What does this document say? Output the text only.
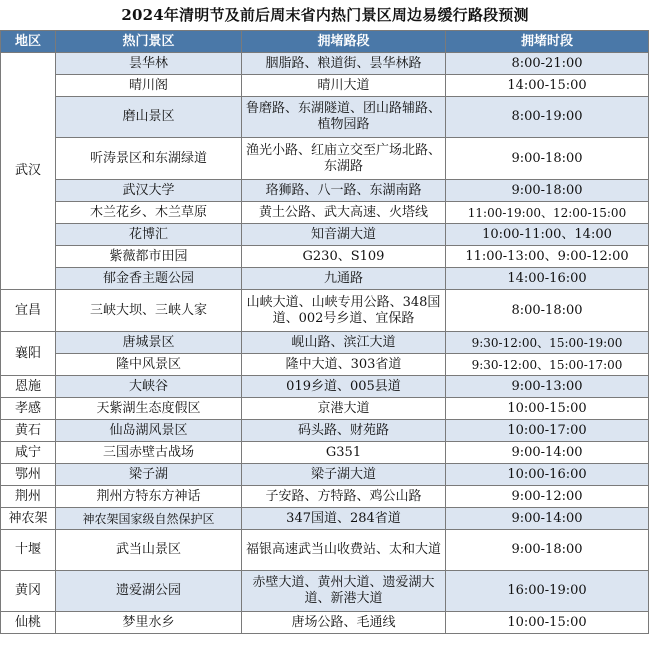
2024年清明节及前后周末省内热门景区周边易缓行路段预测
地区	热门景区	拥堵路段	拥堵时段
武汉	昙华林	胭脂路、粮道街、昙华林路	8:00-21:00
	晴川阁	晴川大道	14:00-15:00
	磨山景区	鲁磨路、东湖隧道、团山路辅路、植物园路	8:00-19:00
	听涛景区和东湖绿道	渔光小路、红庙立交至广场北路、东湖路	9:00-18:00
	武汉大学	珞狮路、八一路、东湖南路	9:00-18:00
	木兰花乡、木兰草原	黄土公路、武大高速、火塔线	11:00-19:00、12:00-15:00
	花博汇	知音湖大道	10:00-11:00、14:00
	紫薇都市田园	G230、S109	11:00-13:00、9:00-12:00
	郁金香主题公园	九通路	14:00-16:00
宜昌	三峡大坝、三峡人家	山峡大道、山峡专用公路、348国道、002号乡道、宜保路	8:00-18:00
襄阳	唐城景区	岘山路、滨江大道	9:30-12:00、15:00-19:00
	隆中风景区	隆中大道、303省道	9:30-12:00、15:00-17:00
恩施	大峡谷	019乡道、005县道	9:00-13:00
孝感	天紫湖生态度假区	京港大道	10:00-15:00
黄石	仙岛湖风景区	码头路、财苑路	10:00-17:00
咸宁	三国赤壁古战场	G351	9:00-14:00
鄂州	梁子湖	梁子湖大道	10:00-16:00
荆州	荆州方特东方神话	子安路、方特路、鸡公山路	9:00-12:00
神农架	神农架国家级自然保护区	347国道、284省道	9:00-14:00
十堰	武当山景区	福银高速武当山收费站、太和大道	9:00-18:00
黄冈	遗爱湖公园	赤壁大道、黄州大道、遗爱湖大道、新港大道	16:00-19:00
仙桃	梦里水乡	唐场公路、毛通线	10:00-15:00
